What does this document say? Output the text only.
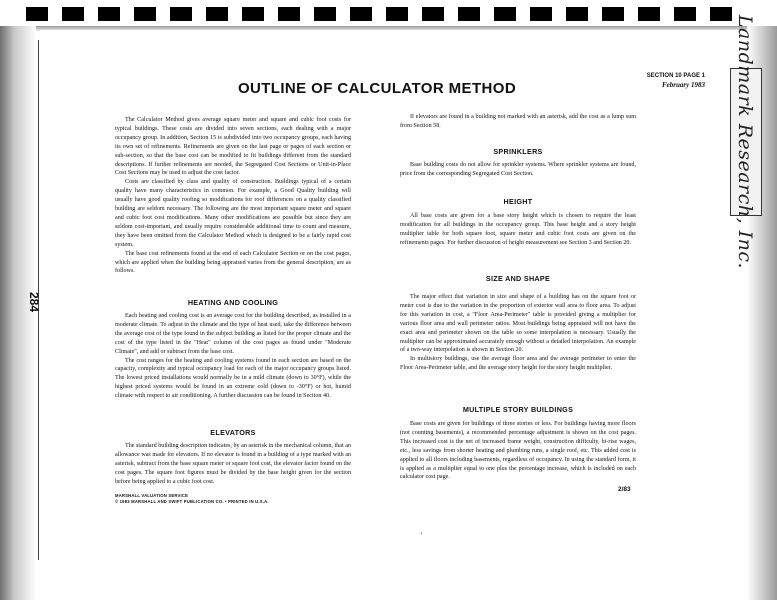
284
Landmark Research, Inc.
SECTION 10 PAGE 1
February 1983
OUTLINE OF CALCULATOR METHOD

The Calculator Method gives average square meter and square and cubic foot costs for typical buildings. These costs are divided into seven sections, each dealing with a major occupancy group. In addition, Section 15 is subdivided into two occupancy groups, each having its own set of refinements. Refinements are given on the last page or pages of each section or sub-section, so that the base cost can be modified to fit buildings different from the standard descriptions. If further refinements are needed, the Segregated Cost Sections or Unit-in-Place Cost Sections may be used to adjust the cost factor.

Costs are classified by class and quality of construction. Buildings typical of a certain quality have many characteristics in common. For example, a Good Quality building will usually have good quality roofing so modifications for roof differences on a quality classified building are seldom necessary. The following are the most important square meter and square and cubic foot cost modifications. Many other modifications are possible but since they are seldom cost-important, and usually require considerable additional time to count and measure, they have been omitted from the Calculator Method which is designed to be a fairly rapid cost system.

The base cost refinements found at the end of each Calculator Section or on the cost pages, which are applied when the building being appraised varies from the general description, are as follows.

HEATING AND COOLING

Each heating and cooling cost is an average cost for the building described, as installed in a moderate climate. To adjust to the climate and the type of heat used, take the difference between the average cost of the type found in the subject building as listed for the proper climate and the cost of the type listed in the "Heat" column of the cost pages as found under "Moderate Climate", and add or subtract from the base cost.

The cost ranges for the heating and cooling systems found in each section are based on the capacity, complexity and typical occupancy load for each of the major occupancy groups listed. The lowest priced installations would normally be in a mild climate (down to 30°F), while the highest priced systems would be found in an extreme cold (down to -30°F) or hot, humid climate with respect to air conditioning. A further discussion can be found in Section 40.

ELEVATORS

The standard building description indicates, by an asterisk in the mechanical column, that an allowance was made for elevators. If no elevator is found in a building of a type marked with an asterisk, subtract from the base square meter or square foot cost, the elevator factor found on the cost pages. The square foot figures must be divided by the base height given for the section before being applied to a cubic foot cost.

MARSHALL VALUATION SERVICE
© 1983 MARSHALL AND SWIFT PUBLICATION CO. • PRINTED IN U.S.A.

If elevators are found in a building not marked with an asterisk, add the cost as a lump sum from Section 58.

SPRINKLERS

Base building costs do not allow for sprinkler systems. Where sprinkler systems are found, price from the corresponding Segregated Cost Section.

HEIGHT

All base costs are given for a base story height which is chosen to require the least modification for all buildings in the occupancy group. This base height and a story height multiplier table for both square foot, square meter and cubic foot costs are given on the refinements pages. For further discussion of height measurement see Section 3 and Section 20.

SIZE AND SHAPE

The major effect that variation in size and shape of a building has on the square foot or meter cost is due to the variation in the proportion of exterior wall area to floor area. To adjust for this variation in cost, a "Floor Area-Perimeter" table is provided giving a multiplier for various floor area and wall perimeter ratios. Most buildings being appraised will not have the exact area and perimeter shown on the table so some interpolation is necessary. Usually the multiplier can be approximated accurately enough without a detailed interpolation. An example of a two-way interpolation is shown in Section 20.

In multistory buildings, use the average floor area and the average perimeter to enter the Floor Area-Perimeter table, and the average story height for the story height multiplier.

MULTIPLE STORY BUILDINGS

Base costs are given for buildings of three stories or less. For buildings having more floors (not counting basements), a recommended percentage adjustment is shown on the cost pages. This increased cost is the net of increased frame weight, construction difficulty, hi-rise wages, etc., less savings from shorter heating and plumbing runs, a single roof, etc. This added cost is applied to all floors including basements, regardless of occupancy. In using the standard form, it is applied as a multiplier equal to one plus the percentage increase, which is included on each calculator cost page.

2/83
′
